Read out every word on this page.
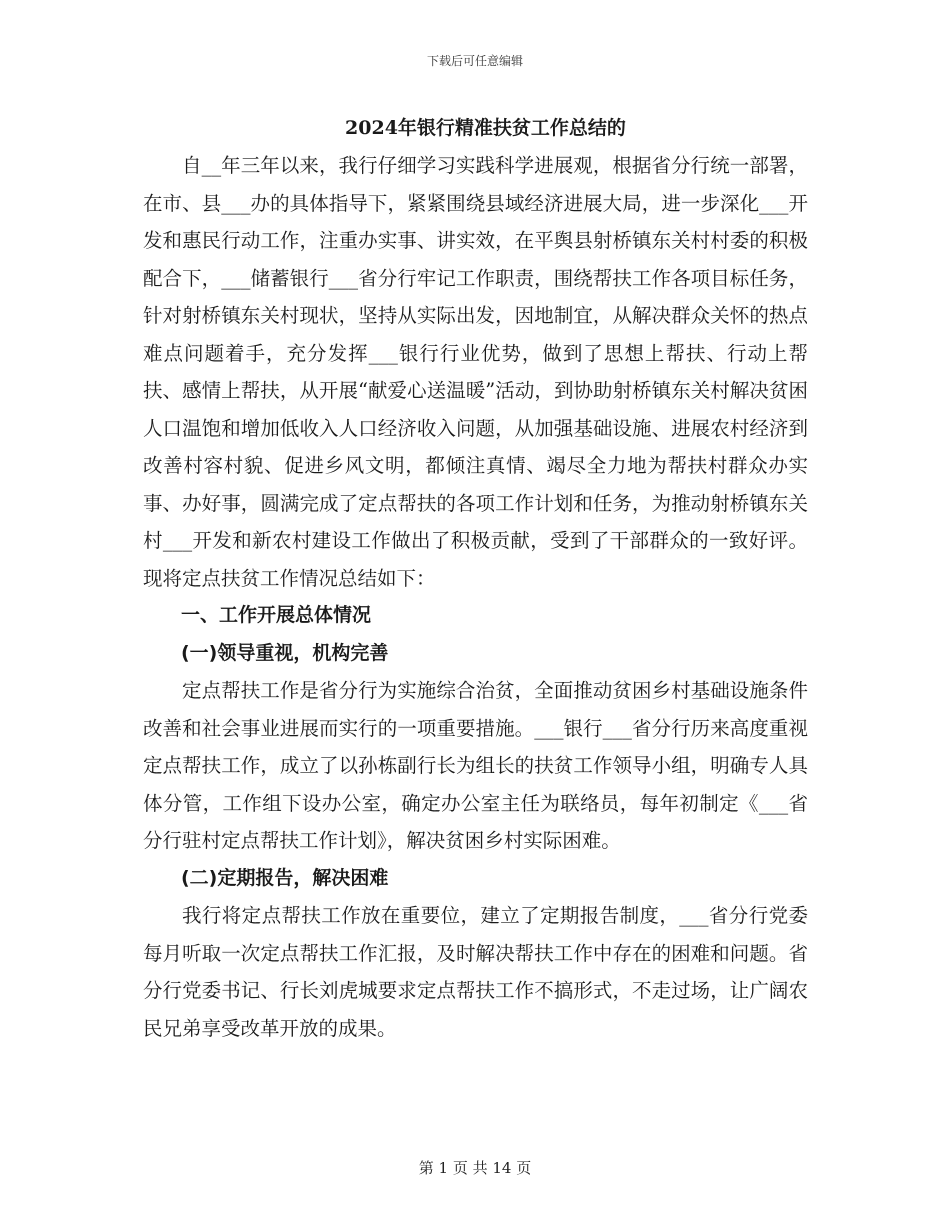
下载后可任意编辑
2024年银行精准扶贫工作总结的

自__年三年以来，我行仔细学习实践科学进展观，根据省分行统一部署，在市、县___办的具体指导下，紧紧围绕县域经济进展大局，进一步深化___开发和惠民行动工作，注重办实事、讲实效，在平舆县射桥镇东关村村委的积极配合下，___储蓄银行___省分行牢记工作职责，围绕帮扶工作各项目标任务，针对射桥镇东关村现状，坚持从实际出发，因地制宜，从解决群众关怀的热点难点问题着手，充分发挥___银行行业优势，做到了思想上帮扶、行动上帮扶、感情上帮扶，从开展“献爱心送温暖”活动，到协助射桥镇东关村解决贫困人口温饱和增加低收入人口经济收入问题，从加强基础设施、进展农村经济到改善村容村貌、促进乡风文明，都倾注真情、竭尽全力地为帮扶村群众办实事、办好事，圆满完成了定点帮扶的各项工作计划和任务，为推动射桥镇东关村___开发和新农村建设工作做出了积极贡献，受到了干部群众的一致好评。现将定点扶贫工作情况总结如下：

一、工作开展总体情况

(一)领导重视，机构完善

定点帮扶工作是省分行为实施综合治贫，全面推动贫困乡村基础设施条件改善和社会事业进展而实行的一项重要措施。___银行___省分行历来高度重视定点帮扶工作，成立了以孙栋副行长为组长的扶贫工作领导小组，明确专人具体分管，工作组下设办公室，确定办公室主任为联络员，每年初制定《___省分行驻村定点帮扶工作计划》，解决贫困乡村实际困难。

(二)定期报告，解决困难

我行将定点帮扶工作放在重要位，建立了定期报告制度，___省分行党委每月听取一次定点帮扶工作汇报，及时解决帮扶工作中存在的困难和问题。省分行党委书记、行长刘虎城要求定点帮扶工作不搞形式，不走过场，让广阔农民兄弟享受改革开放的成果。

第 1 页 共 14 页
